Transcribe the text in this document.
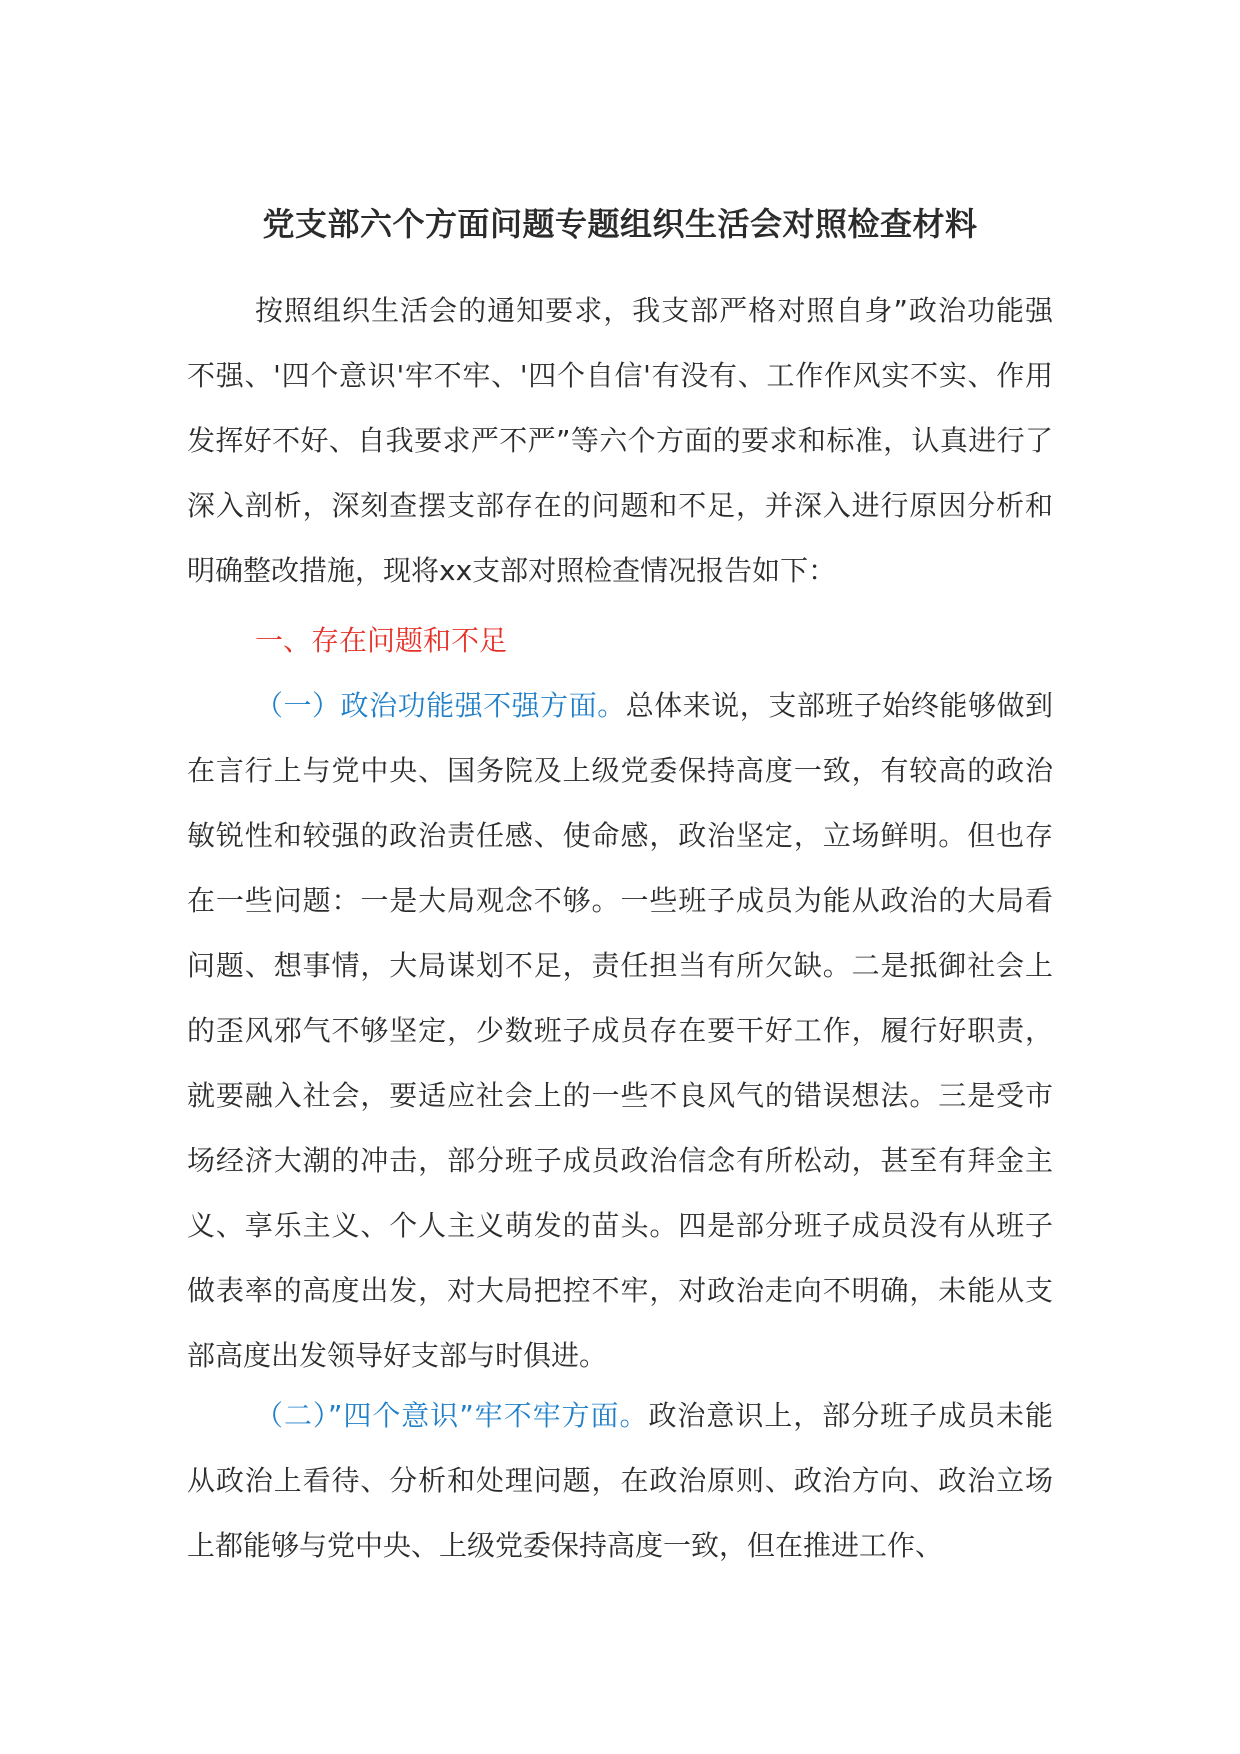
党支部六个方面问题专题组织生活会对照检查材料

按照组织生活会的通知要求，我支部严格对照自身”政治功能强不强、'四个意识'牢不牢、'四个自信'有没有、工作作风实不实、作用发挥好不好、自我要求严不严”等六个方面的要求和标准，认真进行了深入剖析，深刻查摆支部存在的问题和不足，并深入进行原因分析和明确整改措施，现将xx支部对照检查情况报告如下：

一、存在问题和不足

（一）政治功能强不强方面。总体来说，支部班子始终能够做到在言行上与党中央、国务院及上级党委保持高度一致，有较高的政治敏锐性和较强的政治责任感、使命感，政治坚定，立场鲜明。但也存在一些问题：一是大局观念不够。一些班子成员为能从政治的大局看问题、想事情，大局谋划不足，责任担当有所欠缺。二是抵御社会上的歪风邪气不够坚定，少数班子成员存在要干好工作，履行好职责，就要融入社会，要适应社会上的一些不良风气的错误想法。三是受市场经济大潮的冲击，部分班子成员政治信念有所松动，甚至有拜金主义、享乐主义、个人主义萌发的苗头。四是部分班子成员没有从班子做表率的高度出发，对大局把控不牢，对政治走向不明确，未能从支部高度出发领导好支部与时俱进。

（二）”四个意识”牢不牢方面。政治意识上，部分班子成员未能从政治上看待、分析和处理问题，在政治原则、政治方向、政治立场上都能够与党中央、上级党委保持高度一致，但在推进工作、
